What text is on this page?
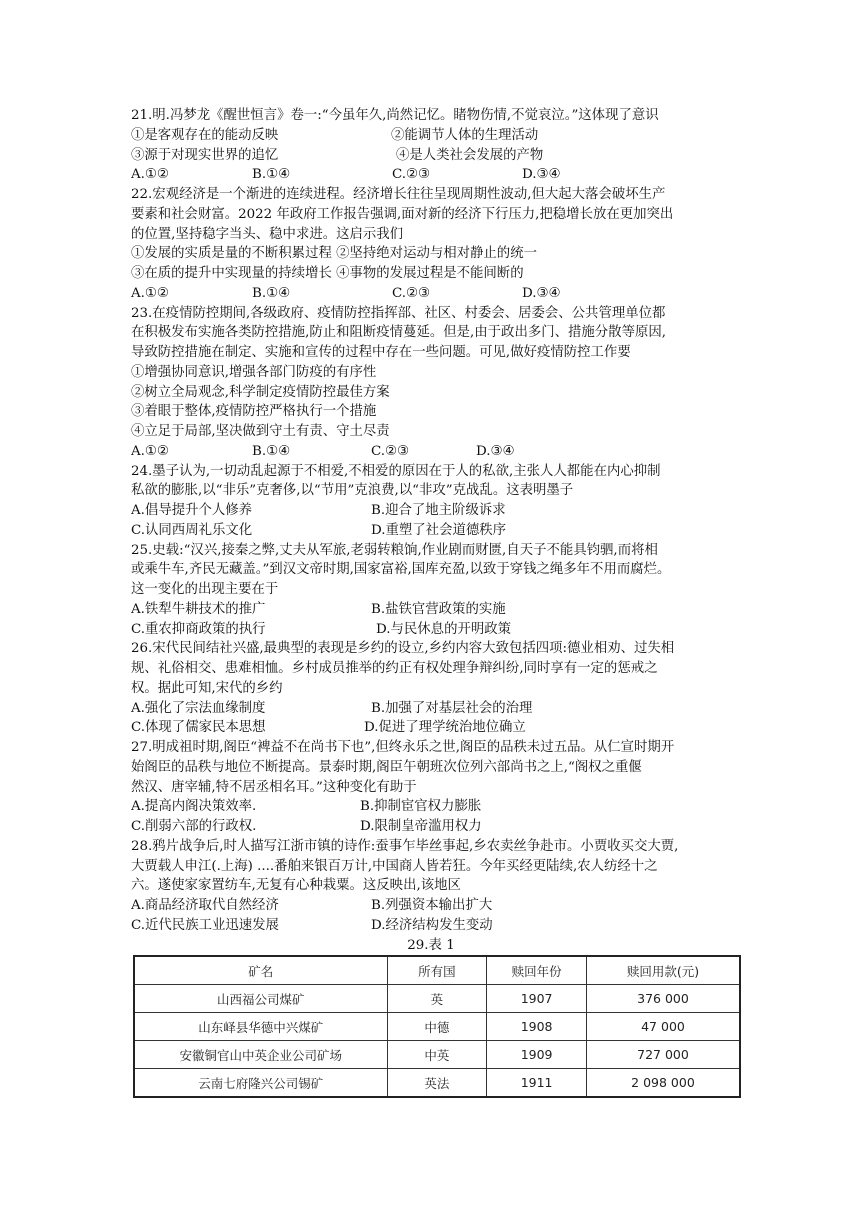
21.明.冯梦龙《醒世恒言》卷一:“今虽年久,尚然记忆。睹物伤情,不觉哀泣。”这体现了意识
①是客观存在的能动反映	②能调节人体的生理活动
③源于对现实世界的追忆	④是人类社会发展的产物
A.①②	B.①④	C.②③	D.③④
22.宏观经济是一个渐进的连续进程。经济增长往往呈现周期性波动,但大起大落会破坏生产
要素和社会财富。2022 年政府工作报告强调,面对新的经济下行压力,把稳增长放在更加突出
的位置,坚持稳字当头、稳中求进。这启示我们
①发展的实质是量的不断积累过程 ②坚持绝对运动与相对静止的统一
③在质的提升中实现量的持续增长 ④事物的发展过程是不能间断的
A.①②	B.①④	C.②③	D.③④
23.在疫情防控期间,各级政府、疫情防控指挥部、社区、村委会、居委会、公共管理单位都
在积极发布实施各类防控措施,防止和阻断疫情蔓延。但是,由于政出多门、措施分散等原因,
导致防控措施在制定、实施和宣传的过程中存在一些问题。可见,做好疫情防控工作要
①增强协同意识,增强各部门防疫的有序性
②树立全局观念,科学制定疫情防控最佳方案
③着眼于整体,疫情防控严格执行一个措施
④立足于局部,坚决做到守土有责、守土尽责
A.①②	B.①④	C.②③	D.③④
24.墨子认为,一切动乱起源于不相爱,不相爱的原因在于人的私欲,主张人人都能在内心抑制
私欲的膨胀,以“非乐”克奢侈,以“节用”克浪费,以“非攻”克战乱。这表明墨子
A.倡导提升个人修养	B.迎合了地主阶级诉求
C.认同西周礼乐文化	D.重塑了社会道德秩序
25.史载:“汉兴,接秦之弊,丈夫从军旅,老弱转粮饷,作业剧而财匮,自天子不能具钧驷,而将相
或乘牛车,齐民无藏盖。”到汉文帝时期,国家富裕,国库充盈,以致于穿钱之绳多年不用而腐烂。
这一变化的出现主要在于
A.铁犁牛耕技术的推广	B.盐铁官营政策的实施
C.重农抑商政策的执行	D.与民休息的开明政策
26.宋代民间结社兴盛,最典型的表现是乡约的设立,乡约内容大致包括四项:德业相劝、过失相
规、礼俗相交、患难相恤。乡村成员推举的约正有权处理争辩纠纷,同时享有一定的惩戒之
权。据此可知,宋代的乡约
A.强化了宗法血缘制度	B.加强了对基层社会的治理
C.体现了儒家民本思想	D.促进了理学统治地位确立
27.明成祖时期,阁臣“裨益不在尚书下也”,但终永乐之世,阁臣的品秩未过五品。从仁宣时期开
始阁臣的品秩与地位不断提高。景泰时期,阁臣午朝班次位列六部尚书之上,“阁权之重偃
然汉、唐宰辅,特不居丞相名耳。”这种变化有助于
A.提高内阁决策效率.	B.抑制宦官权力膨胀
C.削弱六部的行政权.	D.限制皇帝滥用权力
28.鸦片战争后,时人描写江浙市镇的诗作:蚕事乍毕丝事起,乡农卖丝争赴市。小贾收买交大贾,
大贾载人申江(.上海) ....番舶来银百万计,中国商人皆若狂。今年买经更陆续,农人纺经十之
六。遂使家家置纺车,无复有心种栽粟。这反映出,该地区
A.商品经济取代自然经济	B.列强资本输出扩大
C.近代民族工业迅速发展	D.经济结构发生变动
29.表 1
矿名	所有国	赎回年份	赎回用款(元)
山西福公司煤矿	英	1907	376 000
山东峄县华德中兴煤矿	中德	1908	47 000
安徽铜官山中英企业公司矿场	中英	1909	727 000
云南七府隆兴公司锡矿	英法	1911	2 098 000
